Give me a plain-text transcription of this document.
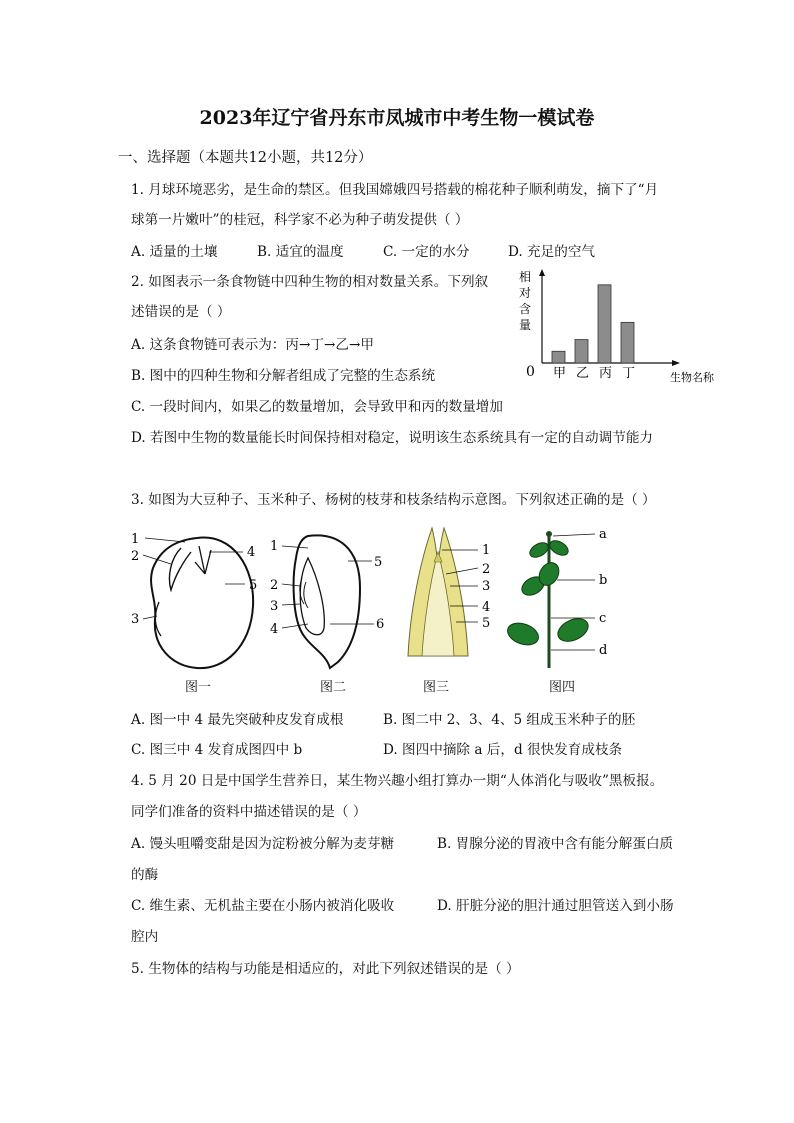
2023年辽宁省丹东市凤城市中考生物一模试卷
一、选择题（本题共12小题，共12分）
1. 月球环境恶劣，是生命的禁区。但我国嫦娥四号搭载的棉花种子顺利萌发，摘下了“月
球第一片嫩叶”的桂冠，科学家不必为种子萌发提供（ ）
A. 适量的土壤	B. 适宜的温度	C. 一定的水分	D. 充足的空气
2. 如图表示一条食物链中四种生物的相对数量关系。下列叙
述错误的是（ ）
A. 这条食物链可表示为：丙→丁→乙→甲
B. 图中的四种生物和分解者组成了完整的生态系统
C. 一段时间内，如果乙的数量增加，会导致甲和丙的数量增加
D. 若图中生物的数量能长时间保持相对稳定，说明该生态系统具有一定的自动调节能力
0
相
对
含
量
生物名称
甲 乙 丙 丁
3. 如图为大豆种子、玉米种子、杨树的枝芽和枝条结构示意图。下列叙述正确的是（ ）
1
2
3
4
5
图一
1
2
3
4
5
6
图二
1
2
3
4
5
图三
a
b
c
d
图四
A. 图一中 4 最先突破种皮发育成根	B. 图二中 2、3、4、5 组成玉米种子的胚
C. 图三中 4 发育成图四中 b	D. 图四中摘除 a 后，d 很快发育成枝条
4. 5 月 20 日是中国学生营养日，某生物兴趣小组打算办一期“人体消化与吸收”黑板报。
同学们准备的资料中描述错误的是（ ）
A. 馒头咀嚼变甜是因为淀粉被分解为麦芽糖	B. 胃腺分泌的胃液中含有能分解蛋白质
的酶
C. 维生素、无机盐主要在小肠内被消化吸收	D. 肝脏分泌的胆汁通过胆管送入到小肠
腔内
5. 生物体的结构与功能是相适应的，对此下列叙述错误的是（ ）
